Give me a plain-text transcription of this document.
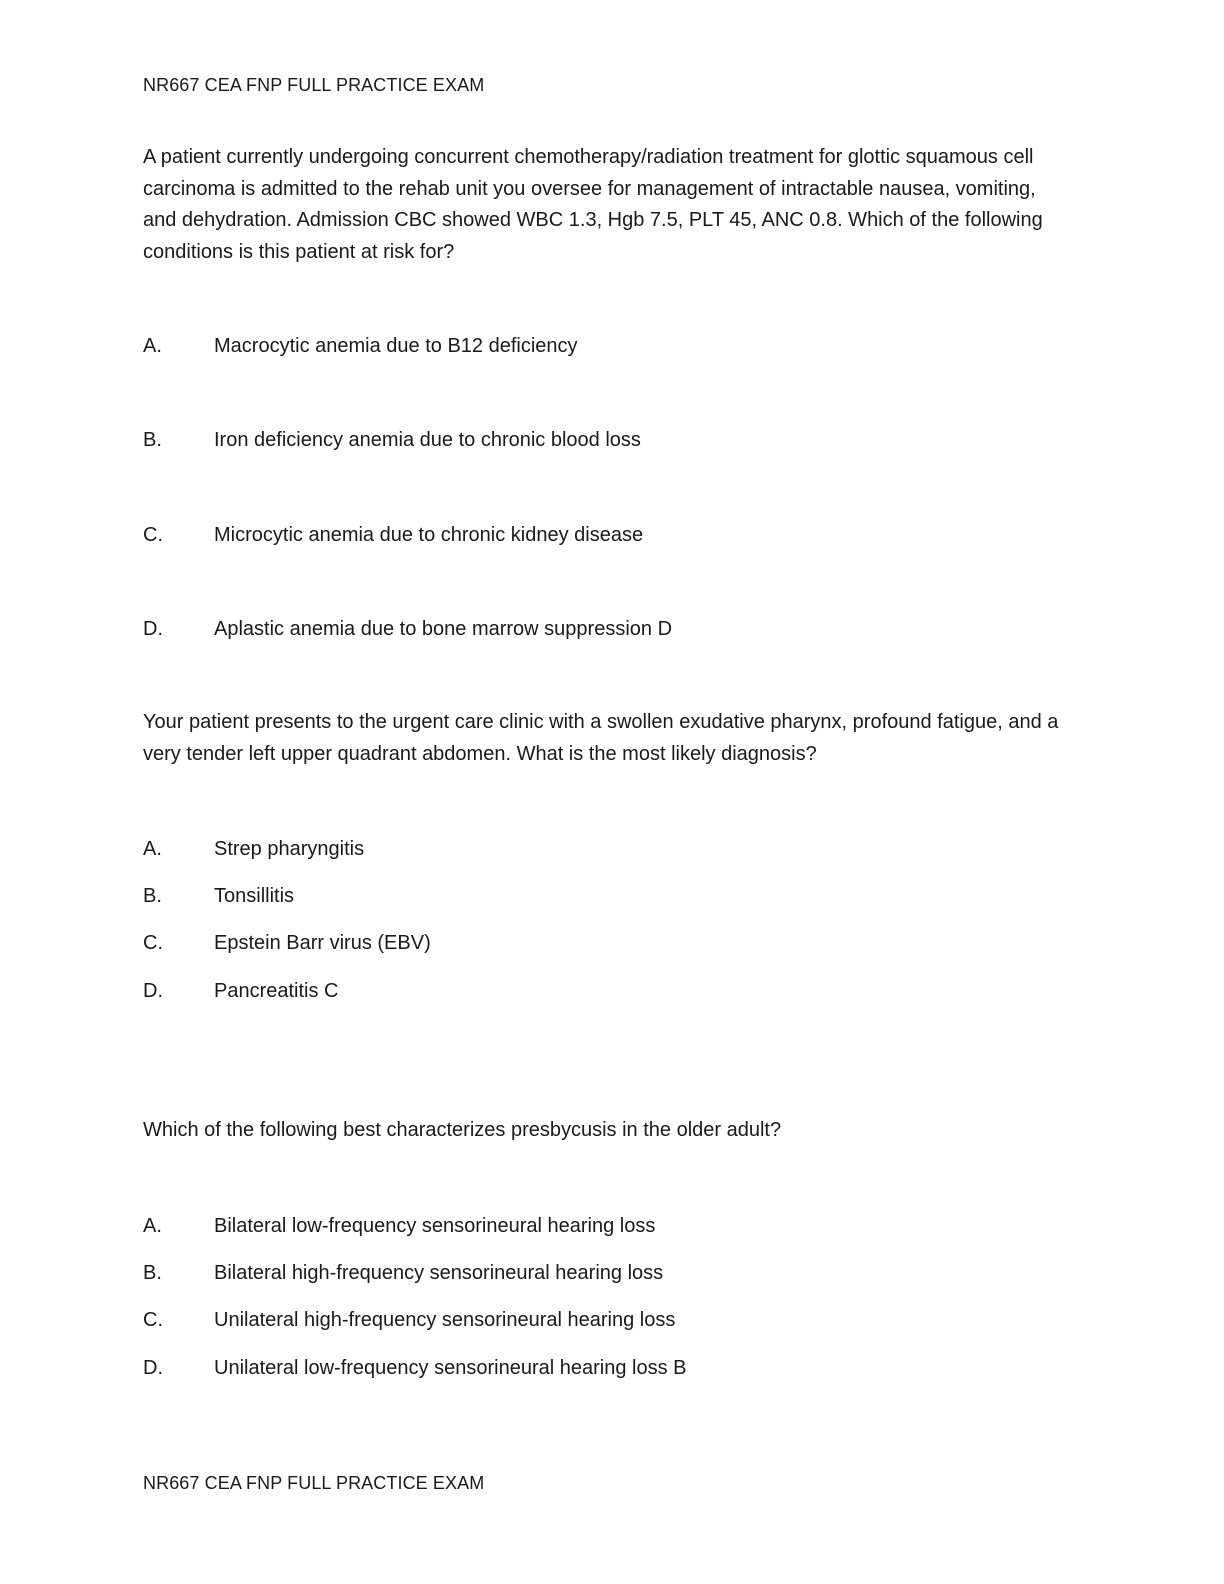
NR667 CEA FNP FULL PRACTICE EXAM

A patient currently undergoing concurrent chemotherapy/radiation treatment for glottic squamous cell carcinoma is admitted to the rehab unit you oversee for management of intractable nausea, vomiting, and dehydration. Admission CBC showed WBC 1.3, Hgb 7.5, PLT 45, ANC 0.8. Which of the following conditions is this patient at risk for?

A.	Macrocytic anemia due to B12 deficiency
B.	Iron deficiency anemia due to chronic blood loss
C.	Microcytic anemia due to chronic kidney disease
D.	Aplastic anemia due to bone marrow suppression D

Your patient presents to the urgent care clinic with a swollen exudative pharynx, profound fatigue, and a very tender left upper quadrant abdomen. What is the most likely diagnosis?

A.	Strep pharyngitis
B.	Tonsillitis
C.	Epstein Barr virus (EBV)
D.	Pancreatitis C

Which of the following best characterizes presbycusis in the older adult?

A.	Bilateral low-frequency sensorineural hearing loss
B.	Bilateral high-frequency sensorineural hearing loss
C.	Unilateral high-frequency sensorineural hearing loss
D.	Unilateral low-frequency sensorineural hearing loss B
NR667 CEA FNP FULL PRACTICE EXAM
